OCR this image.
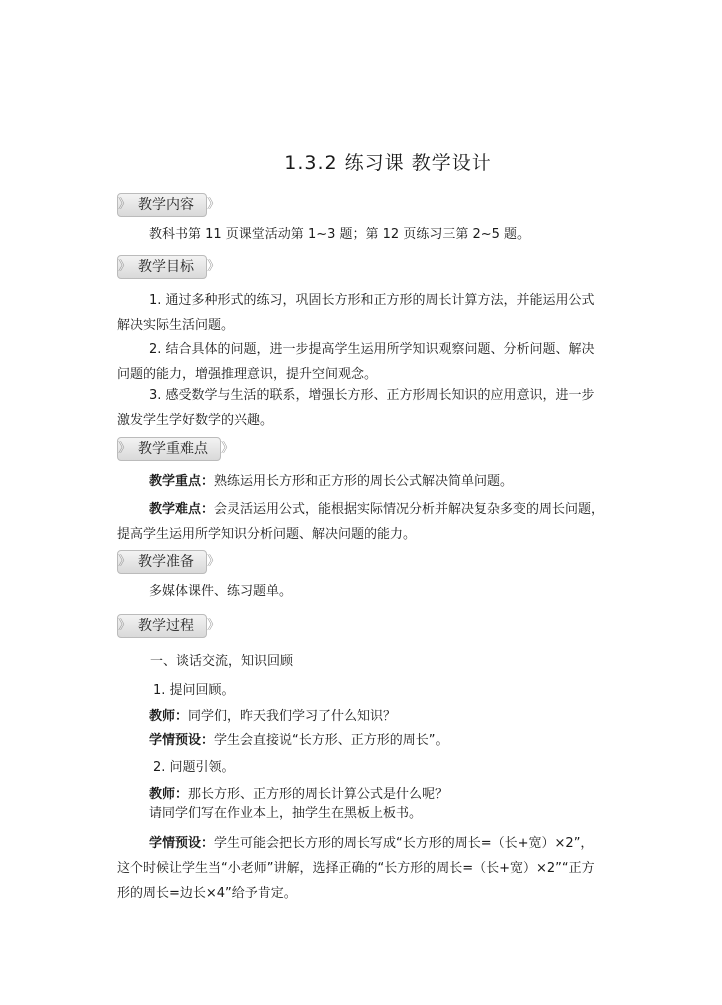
1.3.2 练习课 教学设计
》 教学内容 》

教科书第 11 页课堂活动第 1~3 题；第 12 页练习三第 2~5 题。

》 教学目标 》

1. 通过多种形式的练习，巩固长方形和正方形的周长计算方法，并能运用公式解决实际生活问题。

2. 结合具体的问题，进一步提高学生运用所学知识观察问题、分析问题、解决问题的能力，增强推理意识，提升空间观念。

3. 感受数学与生活的联系，增强长方形、正方形周长知识的应用意识，进一步激发学生学好数学的兴趣。

》 教学重难点 》

教学重点：熟练运用长方形和正方形的周长公式解决简单问题。

教学难点：会灵活运用公式，能根据实际情况分析并解决复杂多变的周长问题，提高学生运用所学知识分析问题、解决问题的能力。

》 教学准备 》

多媒体课件、练习题单。

》 教学过程 》

一、谈话交流，知识回顾

1. 提问回顾。

教师：同学们，昨天我们学习了什么知识？

学情预设：学生会直接说“长方形、正方形的周长”。

2. 问题引领。

教师：那长方形、正方形的周长计算公式是什么呢？

请同学们写在作业本上，抽学生在黑板上板书。

学情预设：学生可能会把长方形的周长写成“长方形的周长=（长+宽）×2”，这个时候让学生当“小老师”讲解，选择正确的“长方形的周长=（长+宽）×2”“正方形的周长=边长×4”给予肯定。
